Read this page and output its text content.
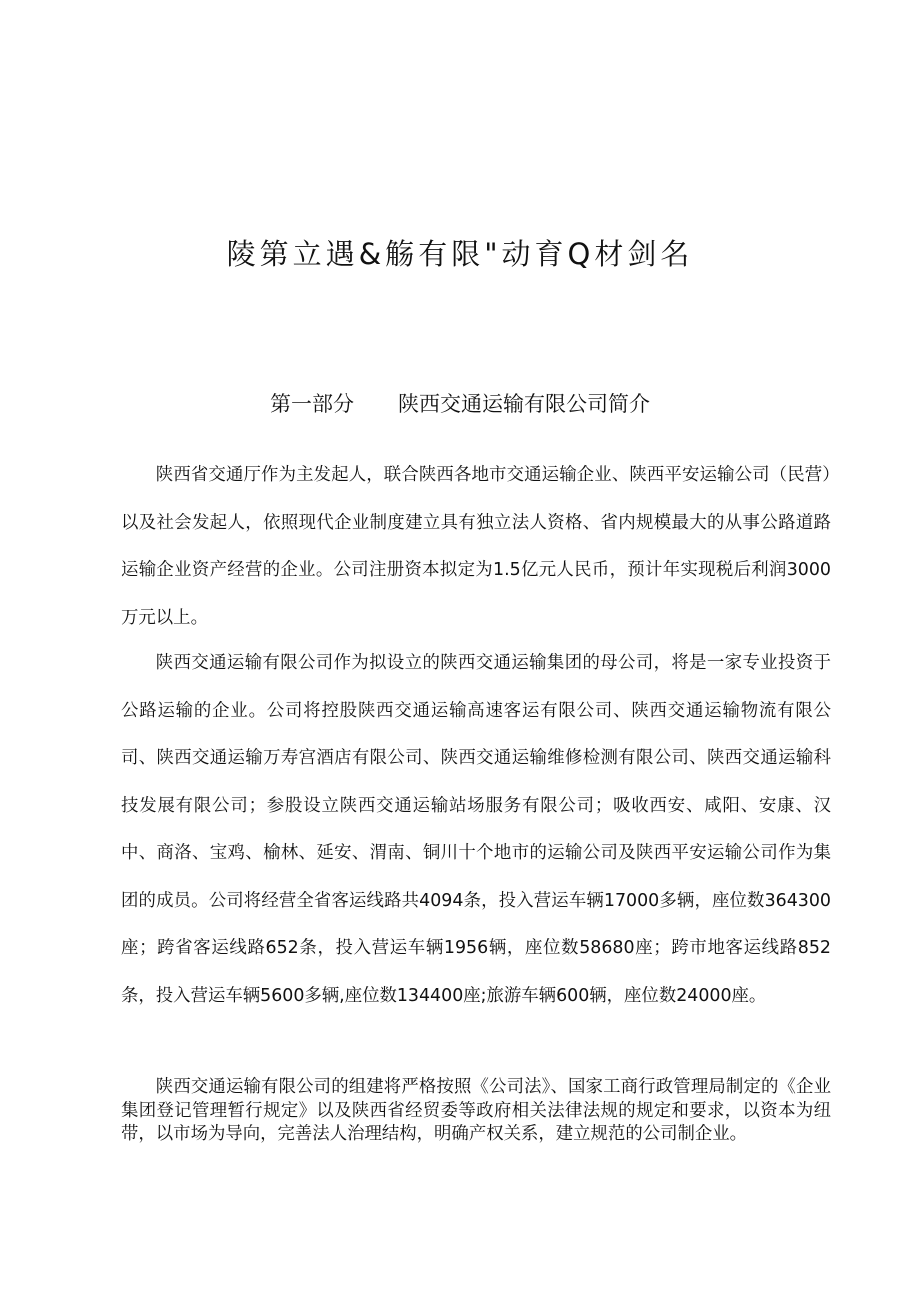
陵第立遇&觞有限"动育Q材剑名
第一部分 陕西交通运输有限公司简介

陕西省交通厅作为主发起人，联合陕西各地市交通运输企业、陕西平安运输公司（民营）以及社会发起人，依照现代企业制度建立具有独立法人资格、省内规模最大的从事公路道路运输企业资产经营的企业。公司注册资本拟定为1.5亿元人民币，预计年实现税后利润3000万元以上。

陕西交通运输有限公司作为拟设立的陕西交通运输集团的母公司，将是一家专业投资于公路运输的企业。公司将控股陕西交通运输高速客运有限公司、陕西交通运输物流有限公司、陕西交通运输万寿宫酒店有限公司、陕西交通运输维修检测有限公司、陕西交通运输科技发展有限公司；参股设立陕西交通运输站场服务有限公司；吸收西安、咸阳、安康、汉中、商洛、宝鸡、榆林、延安、渭南、铜川十个地市的运输公司及陕西平安运输公司作为集团的成员。公司将经营全省客运线路共4094条，投入营运车辆17000多辆，座位数364300座；跨省客运线路652条，投入营运车辆1956辆，座位数58680座；跨市地客运线路852条，投入营运车辆5600多辆,座位数134400座;旅游车辆600辆，座位数24000座。

陕西交通运输有限公司的组建将严格按照《公司法》、国家工商行政管理局制定的《企业集团登记管理暂行规定》以及陕西省经贸委等政府相关法律法规的规定和要求，以资本为纽带，以市场为导向，完善法人治理结构，明确产权关系，建立规范的公司制企业。
